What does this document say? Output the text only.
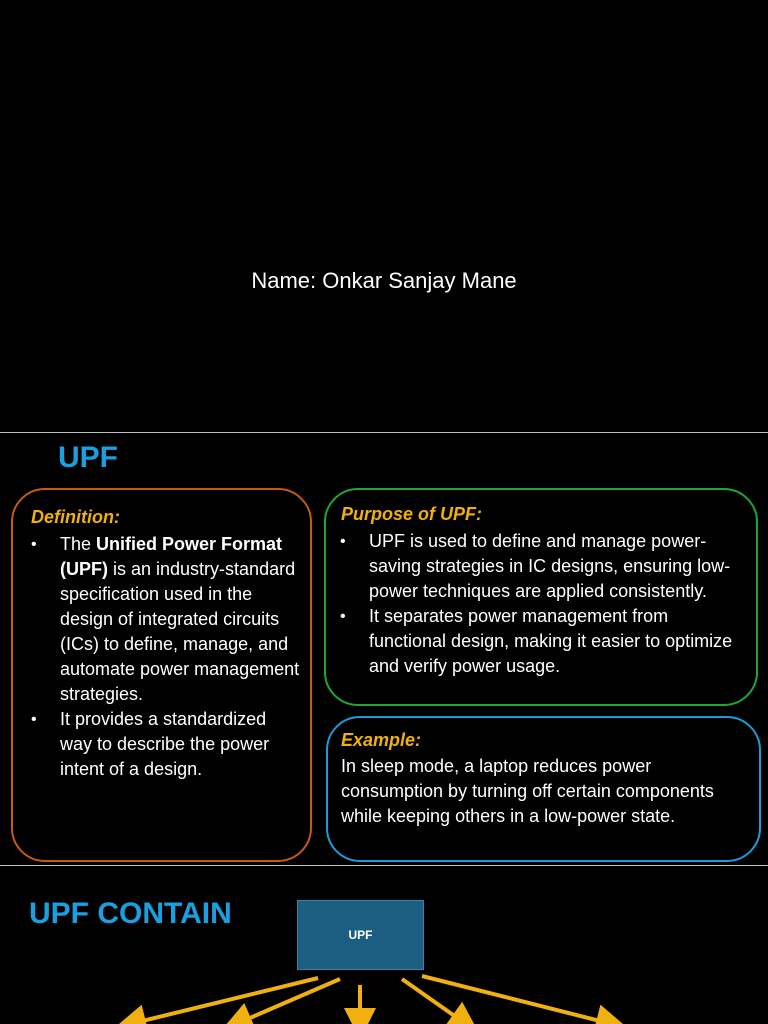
Name: Onkar Sanjay Mane
UPF
Definition:
• The Unified Power Format (UPF) is an industry-standard specification used in the design of integrated circuits (ICs) to define, manage, and automate power management strategies.
• It provides a standardized way to describe the power intent of a design.
Purpose of UPF:
• UPF is used to define and manage power-saving strategies in IC designs, ensuring low-power techniques are applied consistently.
• It separates power management from functional design, making it easier to optimize and verify power usage.
Example:
In sleep mode, a laptop reduces power consumption by turning off certain components while keeping others in a low-power state.
UPF CONTAIN
UPF
